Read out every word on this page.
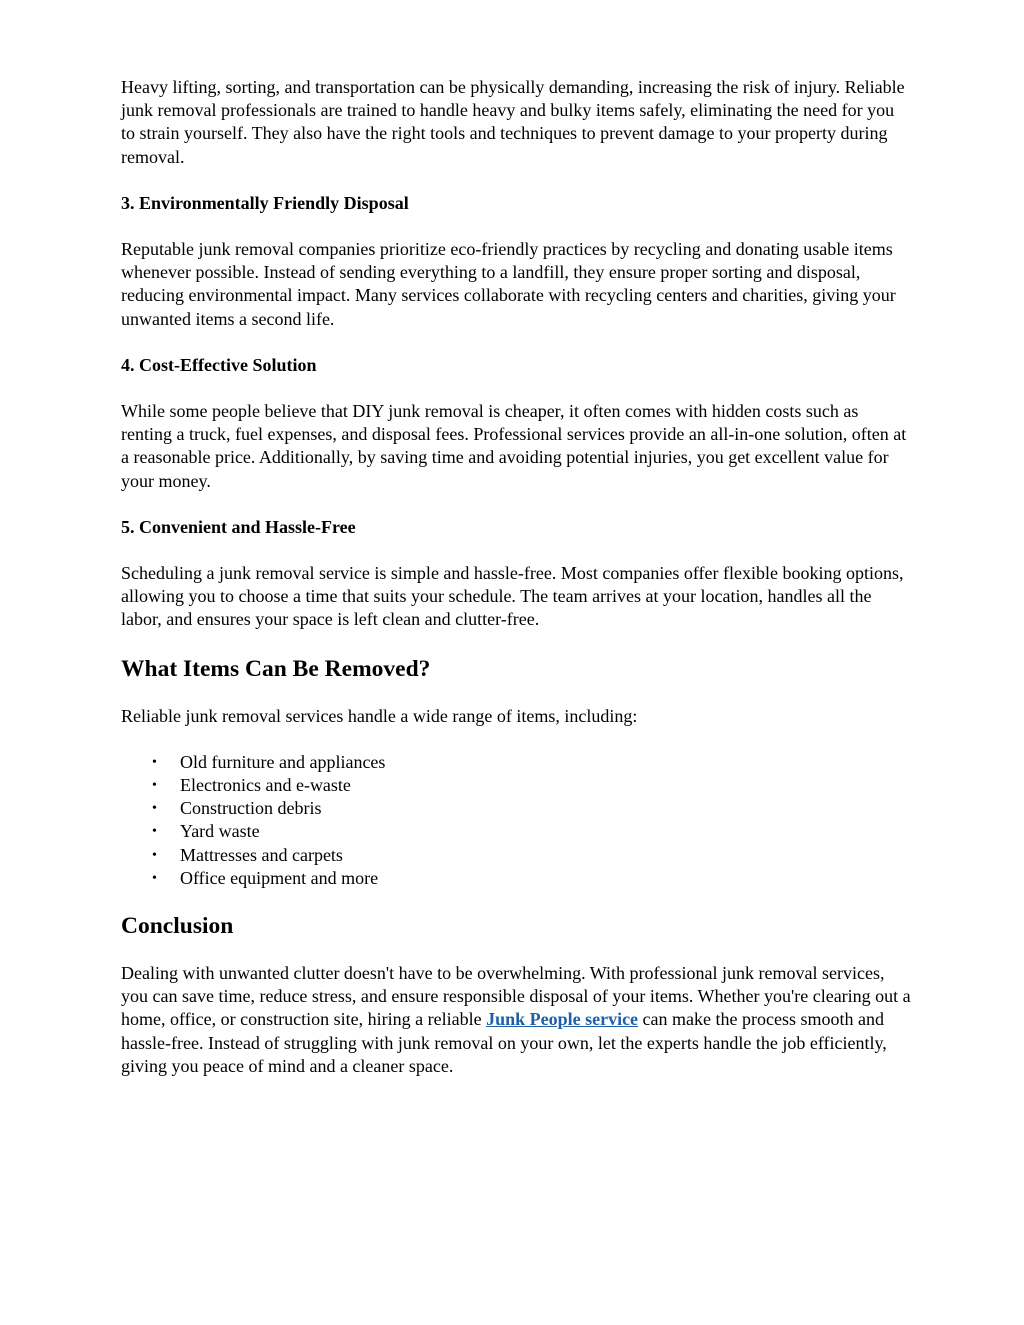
Heavy lifting, sorting, and transportation can be physically demanding, increasing the risk of injury. Reliable junk removal professionals are trained to handle heavy and bulky items safely, eliminating the need for you to strain yourself. They also have the right tools and techniques to prevent damage to your property during removal.

3. Environmentally Friendly Disposal

Reputable junk removal companies prioritize eco-friendly practices by recycling and donating usable items whenever possible. Instead of sending everything to a landfill, they ensure proper sorting and disposal, reducing environmental impact. Many services collaborate with recycling centers and charities, giving your unwanted items a second life.

4. Cost-Effective Solution

While some people believe that DIY junk removal is cheaper, it often comes with hidden costs such as renting a truck, fuel expenses, and disposal fees. Professional services provide an all-in-one solution, often at a reasonable price. Additionally, by saving time and avoiding potential injuries, you get excellent value for your money.

5. Convenient and Hassle-Free

Scheduling a junk removal service is simple and hassle-free. Most companies offer flexible booking options, allowing you to choose a time that suits your schedule. The team arrives at your location, handles all the labor, and ensures your space is left clean and clutter-free.

What Items Can Be Removed?

Reliable junk removal services handle a wide range of items, including:

• Old furniture and appliances
• Electronics and e-waste
• Construction debris
• Yard waste
• Mattresses and carpets
• Office equipment and more
Conclusion

Dealing with unwanted clutter doesn't have to be overwhelming. With professional junk removal services, you can save time, reduce stress, and ensure responsible disposal of your items. Whether you're clearing out a home, office, or construction site, hiring a reliable Junk People service can make the process smooth and hassle-free. Instead of struggling with junk removal on your own, let the experts handle the job efficiently, giving you peace of mind and a cleaner space.
